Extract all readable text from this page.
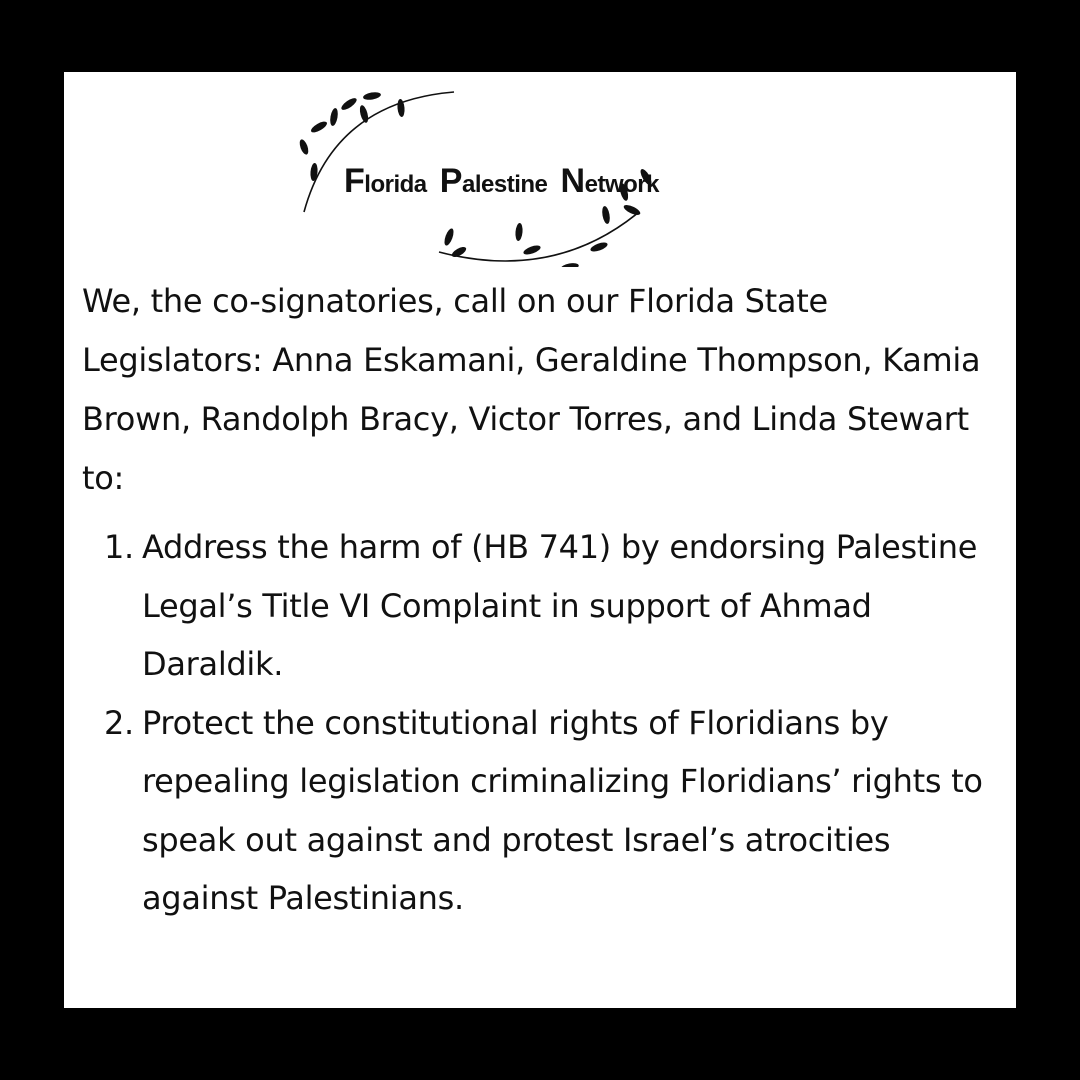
Florida Palestine Network

We, the co-signatories, call on our Florida State Legislators: Anna Eskamani, Geraldine Thompson, Kamia Brown, Randolph Bracy, Victor Torres, and Linda Stewart to:

1. Address the harm of (HB 741) by endorsing Palestine Legal’s Title VI Complaint in support of Ahmad Daraldik.
2. Protect the constitutional rights of Floridians by repealing legislation criminalizing Floridians’ rights to speak out against and protest Israel’s atrocities against Palestinians.
